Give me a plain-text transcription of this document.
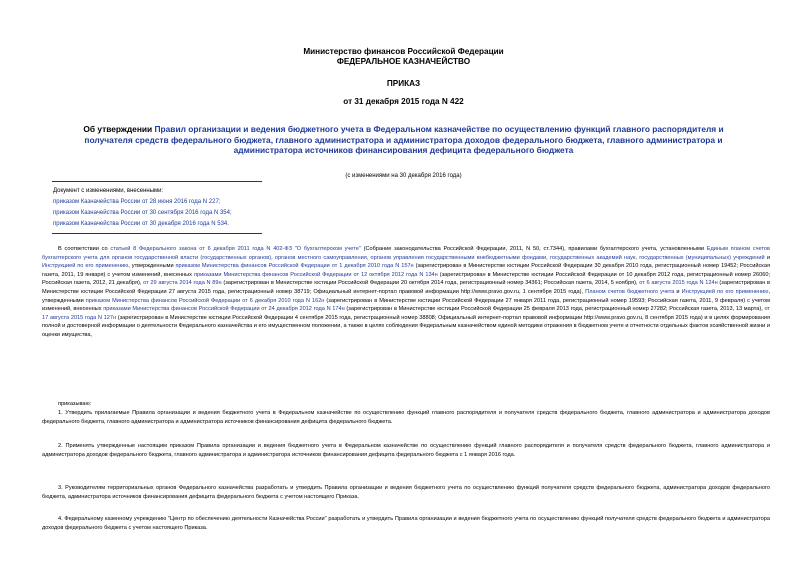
Министерство финансов Российской Федерации
ФЕДЕРАЛЬНОЕ КАЗНАЧЕЙСТВО
ПРИКАЗ
от 31 декабря 2015 года N 422
Об утверждении Правил организации и ведения бюджетного учета в Федеральном казначействе по осуществлению функций главного распорядителя и получателя средств федерального бюджета, главного администратора и администратора доходов федерального бюджета, главного администратора и администратора источников финансирования дефицита федерального бюджета
(с изменениями на 30 декабря 2016 года)
Документ с изменениями, внесенными:
приказом Казначейства России от 28 июня 2016 года N 227;
приказом Казначейства России от 30 сентября 2016 года N 354;
приказом Казначейства России от 30 декабря 2016 года N 534.
В соответствии со статьей 8 Федерального закона от 6 декабря 2011 года N 402-ФЗ "О бухгалтерском учете" (Собрание законодательства Российской Федерации, 2011, N 50, ст.7344), правилами бухгалтерского учета, установленными Единым планом счетов бухгалтерского учета для органов государственной власти (государственных органов), органов местного самоуправления, органов управления государственными внебюджетными фондами, государственных академий наук, государственных (муниципальных) учреждений и Инструкцией по его применению, утвержденными приказом Министерства финансов Российской Федерации от 1 декабря 2010 года N 157н (зарегистрирован в Министерстве юстиции Российской Федерации 30 декабря 2010 года, регистрационный номер 19452; Российская газета, 2011, 19 января) с учетом изменений, внесенных приказами Министерства финансов Российской Федерации от 12 октября 2012 года N 134н (зарегистрирован в Министерстве юстиции Российской Федерации от 10 декабря 2012 года, регистрационный номер 26060; Российская газета, 2012, 21 декабря), от 29 августа 2014 года N 89н (зарегистрирован в Министерстве юстиции Российской Федерации 20 октября 2014 года, регистрационный номер 34361; Российская газета, 2014, 5 ноября), от 6 августа 2015 года N 124н (зарегистрирован в Министерстве юстиции Российской Федерации 27 августа 2015 года, регистрационный номер 38719; Официальный интернет-портал правовой информации http://www.pravo.gov.ru, 1 сентября 2015 года), Планом счетов бюджетного учета и Инструкцией по его применению, утвержденными приказом Министерства финансов Российской Федерации от 6 декабря 2010 года N 162н (зарегистрирован в Министерстве юстиции Российской Федерации 27 января 2011 года, регистрационный номер 19593; Российская газета, 2011, 9 февраля) с учетом изменений, внесенных приказами Министерства финансов Российской Федерации от 24 декабря 2012 года N 174н (зарегистрирован в Министерстве юстиции Российской Федерации 25 февраля 2013 года, регистрационный номер 27282; Российская газета, 2013, 13 марта), от 17 августа 2015 года N 127н (зарегистрирован в Министерстве юстиции Российской Федерации 4 сентября 2015 года, регистрационный номер 38808; Официальный интернет-портал правовой информации http://www.pravo.gov.ru, 8 сентября 2015 года) и в целях формирования полной и достоверной информации о деятельности Федерального казначейства и его имущественном положении, а также в целях соблюдения Федеральным казначейством единой методики отражения в бюджетном учете и отчетности отдельных фактов хозяйственной жизни и оценки имущества,
приказываю:
1. Утвердить прилагаемые Правила организации и ведения бюджетного учета в Федеральном казначействе по осуществлению функций главного распорядителя и получателя средств федерального бюджета, главного администратора и администратора доходов федерального бюджета, главного администратора и администратора источников финансирования дефицита федерального бюджета.
2. Применять утвержденные настоящим приказом Правила организации и ведения бюджетного учета в Федеральном казначействе по осуществлению функций главного распорядителя и получателя средств федерального бюджета, главного администратора и администратора доходов федерального бюджета, главного администратора и администратора источников финансирования дефицита федерального бюджета с 1 января 2016 года.
3. Руководителям территориальных органов Федерального казначейства разработать и утвердить Правила организации и ведения бюджетного учета по осуществлению функций получателя средств федерального бюджета, администратора доходов федерального бюджета, администратора источников финансирования дефицита федерального бюджета с учетом настоящего Приказа.
4. Федеральному казенному учреждению "Центр по обеспечению деятельности Казначейства России" разработать и утвердить Правила организации и ведения бюджетного учета по осуществлению функций получателя средств федерального бюджета и администратора доходов федерального бюджета с учетом настоящего Приказа.
